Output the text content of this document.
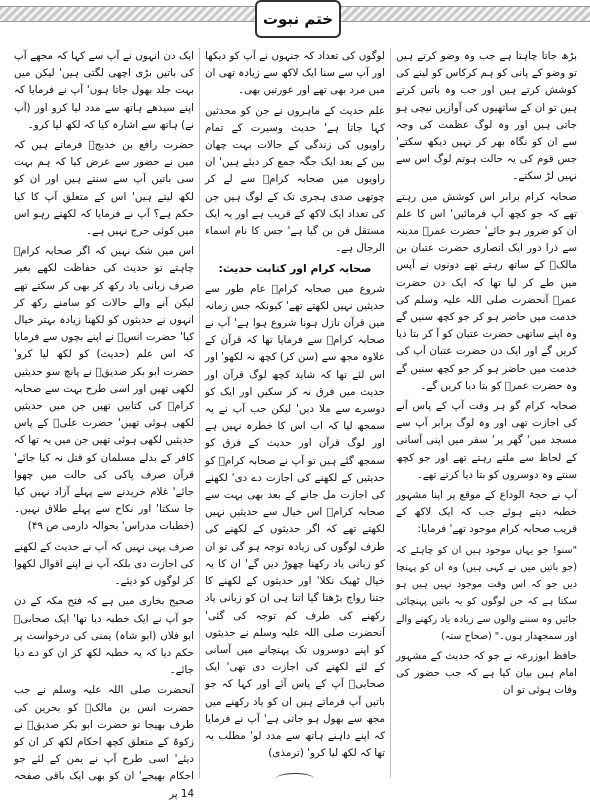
ختم نبوت

بڑھ جاتا چاہتا ہے جب وہ وضو کرتے ہیں تو وضو کے پانی کو ہم کرکاس کو لینے کی کوشش کرتے ہیں اور جب وہ باتیں کرتے ہیں تو ان کے ساتھیوں کی آوازیں نیچی ہو جاتی ہیں اور وہ لوگ عظمت کی وجہ سے ان کو نگاہ بھر کر نہیں دیکھ سکتے' جس قوم کی یہ حالت ہوتم لوگ اس سے نہیں لڑ سکتے۔

صحابہ کرام برابر اس کوشش میں رہتے تھے کہ جو کچھ آپ فرمائیں' اس کا علم ان کو ضرور ہو جائے' حضرت عمرؓ مدینہ سے ذرا دور ایک انصاری حضرت عتبان بن مالکؓ کے ساتھ رہتے تھے دونوں نے آپس میں طے کر لیا تھا کہ ایک دن حضرت عمرؓ آنحضرت صلی اللہ علیہ وسلم کی خدمت میں حاضر ہو کر جو کچھ سنیں گے وہ اپنے ساتھی حضرت عتبان کو آ کر بتا دیا کریں گے اور ایک دن حضرت عتبان آپ کی خدمت میں حاضر ہو کر جو کچھ سنیں گے وہ حضرت عمرؓ کو بتا دیا کریں گے۔

صحابہ کرام گو ہر وقت آپ کے پاس آنے کی اجازت تھی اور وہ لوگ برابر آپ سے مسجد میں' گھر پر' سفر میں اپنی آسانی کے لحاظ سے ملتے رہتے تھے اور جو کچھ سنتے وہ دوسروں کو بتا دیا کرتے تھے۔

آپ نے حجۃ الوداع کے موقع پر اپنا مشہور خطبہ دیتے ہوئے جب کہ ایک لاکھ کے قریب صحابہ کرام موجود تھے' فرمایا:

"سنو! جو یہاں موجود ہیں ان کو چاہئے کہ (جو باتیں میں نے کہی ہیں) وہ ان کو پہنچا دیں جو کہ اس وقت موجود نہیں ہیں ہو سکتا ہے کہ جن لوگوں کو یہ باتیں پہنچائی جائیں وہ سننے والوں سے زیادہ یاد رکھنے والے اور سمجھدار ہوں۔" (صحاح ستہ)

حافظ ابوزرعہ نے جو کہ حدیث کے مشہور امام ہیں بیان کیا ہے کہ جب حضور کی وفات ہوئی تو ان

لوگوں کی تعداد کہ جنہوں نے آپ کو دیکھا اور آپ سے سنا ایک لاکھ سے زیادہ تھی ان میں مرد بھی تھے اور عورتیں بھی۔

علم حدیث کے ماہروں نے جن کو محدثین کہا جاتا ہے' حدیث وسیرت کے تمام راویوں کی زندگی کے حالات بہت چھان بین کے بعد ایک جگہ جمع کر دیئے ہیں' ان راویوں میں صحابہ کرامؓ سے لے کر چوتھی صدی ہجری تک کے لوگ ہیں جن کی تعداد ایک لاکھ کے قریب ہے اور یہ ایک مستقل فن بن گیا ہے' جس کا نام اسماء الرجال ہے۔

صحابہ کرام اور کتابت حدیث:

شروع میں صحابہ کرامؓ عام طور سے حدیثیں نہیں لکھتے تھے' کیونکہ جس زمانہ میں قرآن نازل ہونا شروع ہوا ہے' آپ نے صحابہ کرامؓ سے فرمایا تھا کہ قرآن کے علاوہ مجھ سے (سن کر) کچھ نہ لکھو' اور اس لئے تھا کہ شاید کچھ لوگ قرآن اور حدیث میں فرق نہ کر سکیں اور ایک کو دوسرے سے ملا دیں' لیکن جب آپ نے یہ سمجھ لیا کہ اب اس کا خطرہ نہیں ہے اور لوگ قرآن اور حدیث کے فرق کو سمجھ گئے ہیں تو آپ نے صحابہ کرامؓ کو حدیثیں کے لکھنے کی اجازت دے دی' لکھنے کی اجازت مل جانے کے بعد بھی بہت سے صحابہ کرامؓ اس خیال سے حدیثیں نہیں لکھتے تھے کہ اگر حدیثوں کے لکھنے کی طرف لوگوں کی زیادہ توجہ ہو گی تو ان کو زبانی یاد رکھنا چھوڑ دیں گے' ان کا یہ خیال ٹھیک نکلا' اور حدیثوں کے لکھنے کا جتنا رواج بڑھتا گیا اتنا ہی ان کو زبانی یاد رکھنے کی طرف کم توجہ کی گئی' آنحضرت صلی اللہ علیہ وسلم نے حدیثوں کو اپنے دوسروں تک پہنچانے میں آسانی کے لئے لکھنے کی اجازت دی تھی' ایک صحابیؓ آپ کے پاس آئے اور کہا کہ جو باتیں آپ فرماتے ہیں ان کو یاد رکھنے میں مجھ سے بھول ہو جاتی ہے' آپ نے فرمایا کہ اپنے داہنے ہاتھ سے مدد لو' مطلب یہ تھا کہ لکھ لیا کرو' (ترمذی)

ایک دن انہوں نے آپ سے کہا کہ مجھے آپ کی باتیں بڑی اچھی لگتی ہیں' لیکن میں بہت جلد بھول جاتا ہوں' آپ نے فرمایا کہ اپنے سیدھے ہاتھ سے مدد لیا کرو اور (آپ نے) ہاتھ سے اشارہ کیا کہ لکھ لیا کرو۔

حضرت رافع بن خدیجؓ فرماتے ہیں کہ میں نے حضور سے عرض کیا کہ ہم بہت سی باتیں آپ سے سنتے ہیں اور ان کو لکھ لیتے ہیں' اس کے متعلق آپ کا کیا حکم ہے؟ آپ نے فرمایا کہ لکھتے رہو اس میں کوئی حرج نہیں ہے۔

اس میں شک نہیں کہ اگر صحابہ کرامؓ چاہتے تو حدیث کی حفاظت لکھے بغیر صرف زبانی یاد رکھ کر بھی کر سکتے تھے لیکن آنے والے حالات کو سامنے رکھ کر انہوں نے حدیثوں کو لکھنا زیادہ بہتر خیال کیا' حضرت انسؓ نے اپنے بچوں سے فرمایا کہ اس علم (حدیث) کو لکھ لیا کرو' حضرت ابو بکر صدیقؓ نے پانچ سو حدیثیں لکھی تھیں اور اسی طرح بہت سے صحابہ کرامؓ کی کتابیں تھیں جن میں حدیثیں لکھی ہوئی تھیں' حضرت علیؓ کے پاس حدیثیں لکھی ہوئی تھیں جن میں یہ تھا کہ کافر کے بدلے مسلمان کو قتل نہ کیا جائے' قرآن صرف پاکی کی حالت میں چھوا جائے' غلام خریدنے سے پہلے آزاد نہیں کیا جا سکتا' اور نکاح سے پہلے طلاق نہیں۔ (خطبات مدراس' بحوالہ دارمی ص ۴۹)

صرف یہی نہیں کہ آپ نے حدیث کے لکھنے کی اجازت دی بلکہ آپ نے اپنے اقوال لکھوا کر لوگوں کو دیئے۔

صحیح بخاری میں ہے کہ فتح مکہ کے دن جو آپ نے ایک خطبہ دیا تھا' ایک صحابیؓ ابو فلاں (ابو شاہ) یمنی کی درخواست پر حکم دیا کہ یہ خطبہ لکھ کر ان کو دے دیا جائے۔

آنحضرت صلی اللہ علیہ وسلم نے جب حضرت انس بن مالکؓ کو بحرین کی طرف بھیجا تو حضرت ابو بکر صدیقؓ نے زکوۃ کے متعلق کچھ احکام لکھ کر ان کو دیئے' اسی طرح آپ نے یمن کے لئے جو احکام بھیجے' ان کو بھی ایک باقی صفحہ 14 پر
